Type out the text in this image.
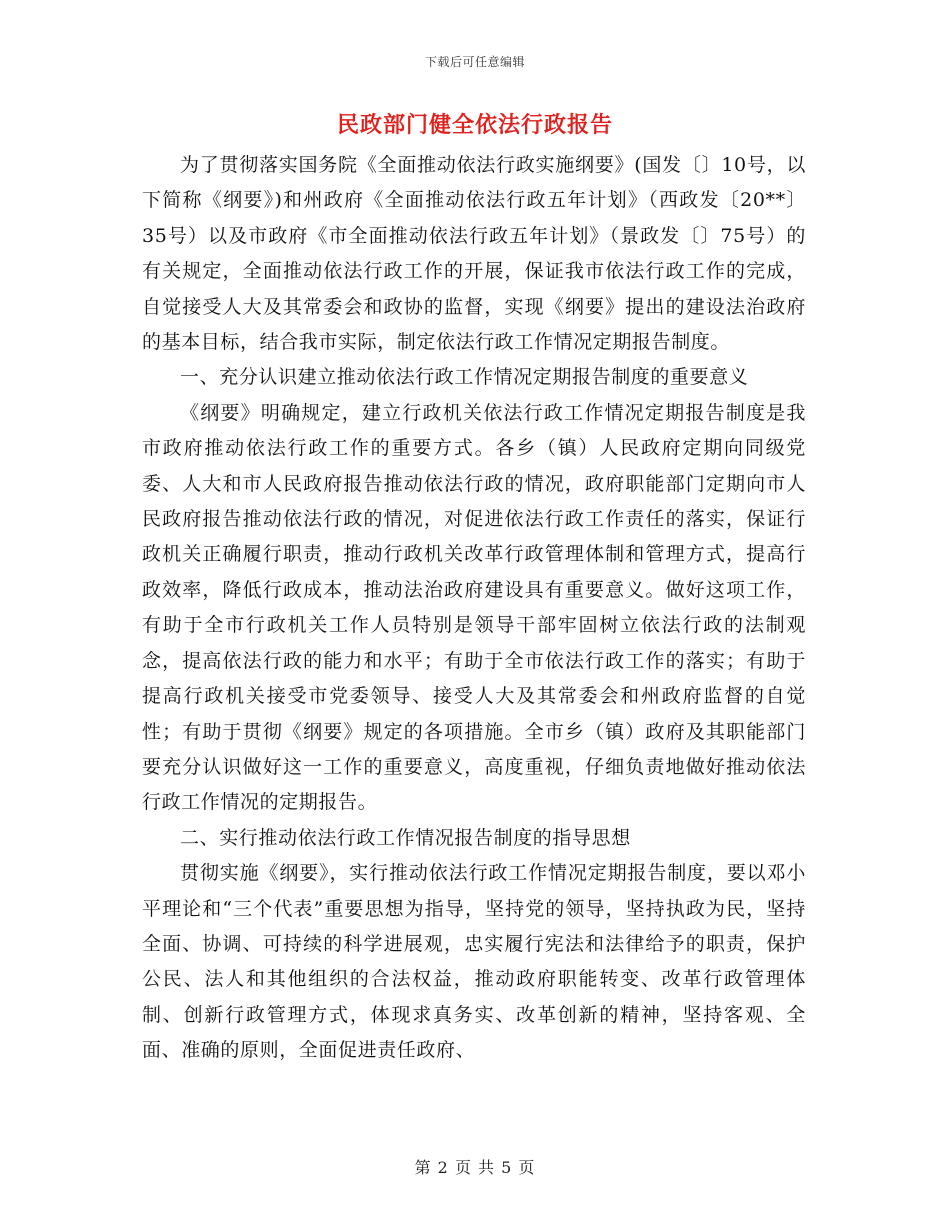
下载后可任意编辑
民政部门健全依法行政报告

为了贯彻落实国务院《全面推动依法行政实施纲要》(国发〔〕10号，以下简称《纲要》)和州政府《全面推动依法行政五年计划》（西政发〔20**〕35号）以及市政府《市全面推动依法行政五年计划》（景政发〔〕75号）的有关规定，全面推动依法行政工作的开展，保证我市依法行政工作的完成，自觉接受人大及其常委会和政协的监督，实现《纲要》提出的建设法治政府的基本目标，结合我市实际，制定依法行政工作情况定期报告制度。

一、充分认识建立推动依法行政工作情况定期报告制度的重要意义

《纲要》明确规定，建立行政机关依法行政工作情况定期报告制度是我市政府推动依法行政工作的重要方式。各乡（镇）人民政府定期向同级党委、人大和市人民政府报告推动依法行政的情况，政府职能部门定期向市人民政府报告推动依法行政的情况，对促进依法行政工作责任的落实，保证行政机关正确履行职责，推动行政机关改革行政管理体制和管理方式，提高行政效率，降低行政成本，推动法治政府建设具有重要意义。做好这项工作，有助于全市行政机关工作人员特别是领导干部牢固树立依法行政的法制观念，提高依法行政的能力和水平；有助于全市依法行政工作的落实；有助于提高行政机关接受市党委领导、接受人大及其常委会和州政府监督的自觉性；有助于贯彻《纲要》规定的各项措施。全市乡（镇）政府及其职能部门要充分认识做好这一工作的重要意义，高度重视，仔细负责地做好推动依法行政工作情况的定期报告。

二、实行推动依法行政工作情况报告制度的指导思想

贯彻实施《纲要》，实行推动依法行政工作情况定期报告制度，要以邓小平理论和“三个代表”重要思想为指导，坚持党的领导，坚持执政为民，坚持全面、协调、可持续的科学进展观，忠实履行宪法和法律给予的职责，保护公民、法人和其他组织的合法权益，推动政府职能转变、改革行政管理体制、创新行政管理方式，体现求真务实、改革创新的精神，坚持客观、全面、准确的原则，全面促进责任政府、

第 2 页 共 5 页
